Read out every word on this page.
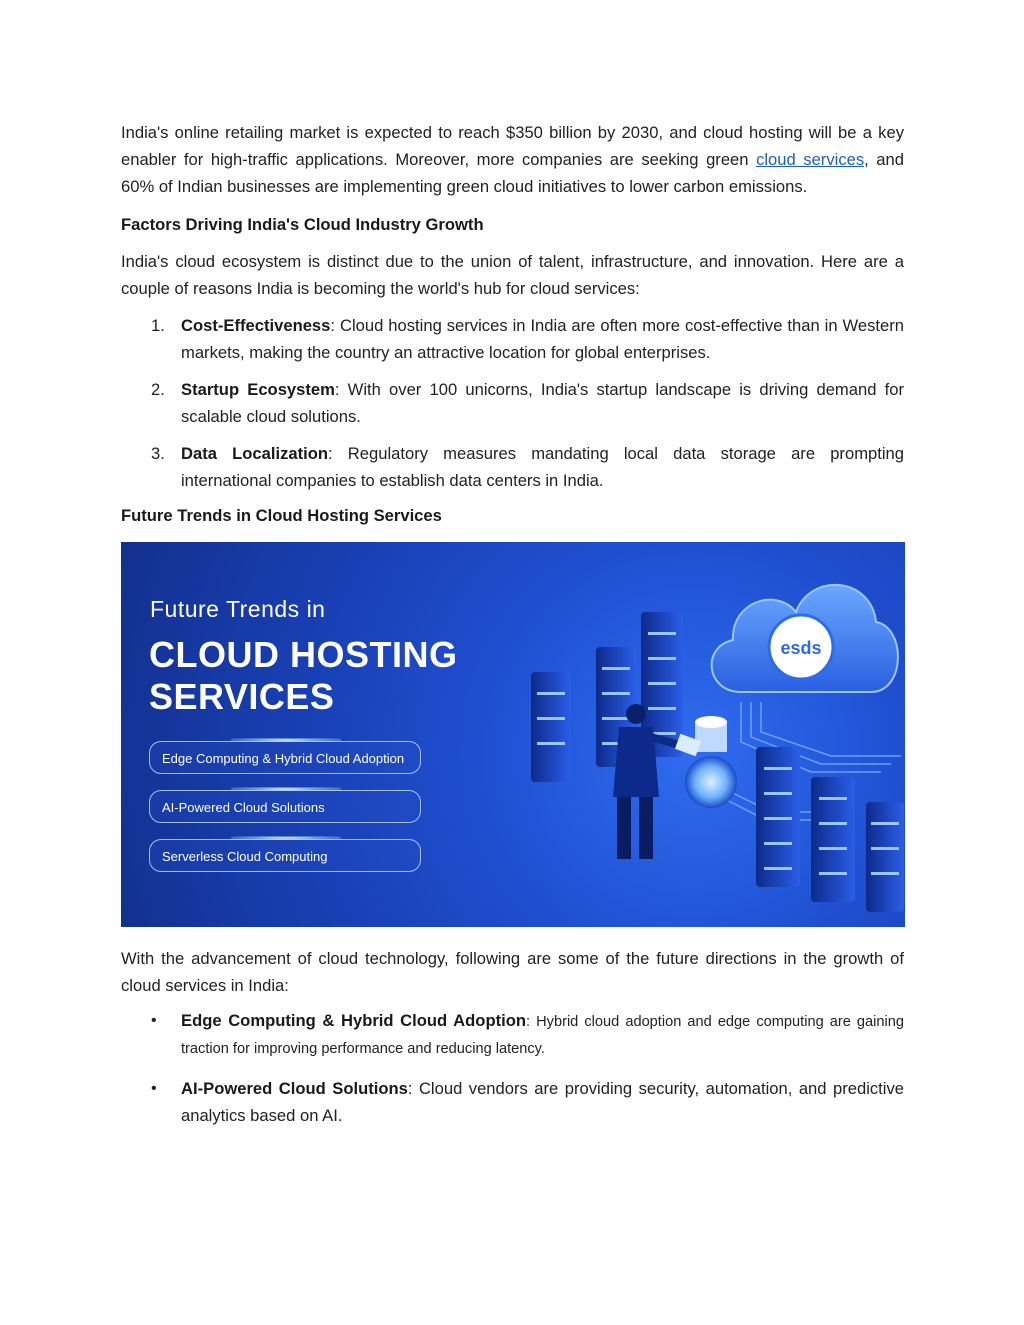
India's online retailing market is expected to reach $350 billion by 2030, and cloud hosting will be a key enabler for high-traffic applications. Moreover, more companies are seeking green cloud services, and 60% of Indian businesses are implementing green cloud initiatives to lower carbon emissions.

Factors Driving India's Cloud Industry Growth

India's cloud ecosystem is distinct due to the union of talent, infrastructure, and innovation. Here are a couple of reasons India is becoming the world's hub for cloud services:

1. Cost-Effectiveness: Cloud hosting services in India are often more cost-effective than in Western markets, making the country an attractive location for global enterprises.
2. Startup Ecosystem: With over 100 unicorns, India's startup landscape is driving demand for scalable cloud solutions.
3. Data Localization: Regulatory measures mandating local data storage are prompting international companies to establish data centers in India.
Future Trends in Cloud Hosting Services
Future Trends in
CLOUD HOSTING
SERVICES
Edge Computing & Hybrid Cloud Adoption
AI-Powered Cloud Solutions
Serverless Cloud Computing
esds

With the advancement of cloud technology, following are some of the future directions in the growth of cloud services in India:

• Edge Computing & Hybrid Cloud Adoption: Hybrid cloud adoption and edge computing are gaining traction for improving performance and reducing latency.
• AI-Powered Cloud Solutions: Cloud vendors are providing security, automation, and predictive analytics based on AI.
